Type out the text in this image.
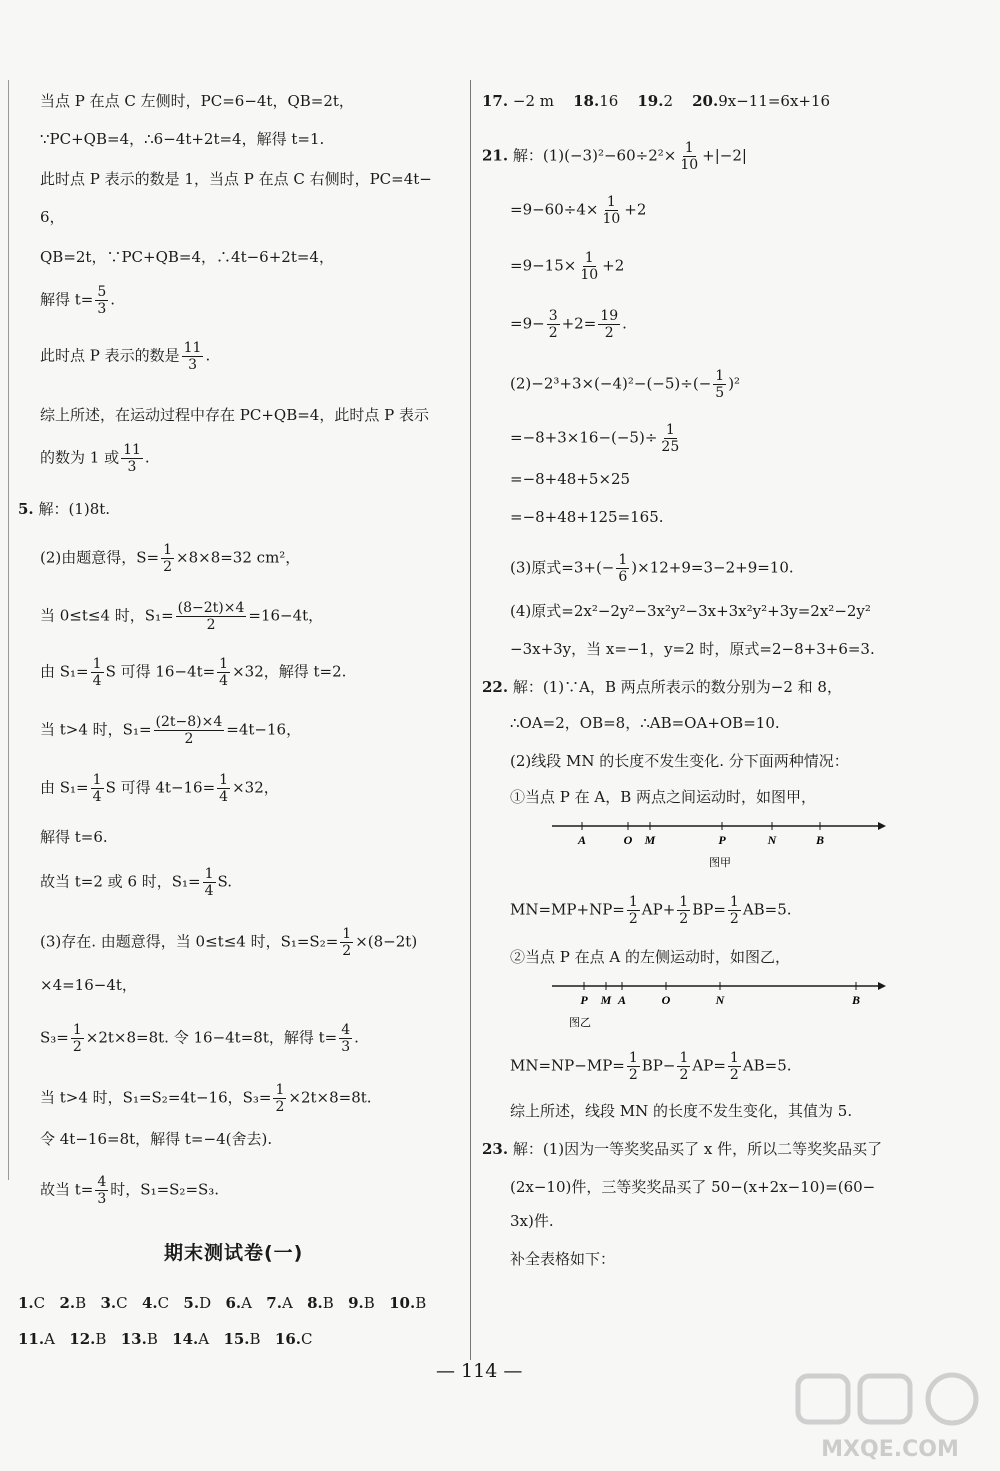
当点 P 在点 C 左侧时，PC=6−4t，QB=2t，
∵PC+QB=4，∴6−4t+2t=4，解得 t=1.
此时点 P 表示的数是 1，当点 P 在点 C 右侧时，PC=4t−
6，
QB=2t，∵PC+QB=4，∴4t−6+2t=4，
解得 $t= \frac{5}{3}$ .
此时点 P 表示的数是 $\frac{11}{3}$ .
综上所述，在运动过程中存在 PC+QB=4，此时点 P 表示
的数为 1 或 $\frac{11}{3}$ .
5. 解：(1)8t.
(2)由题意得，$S= \frac{1}{2} \times 8\times 8=32$ cm²，
当 0≤t≤4 时，$S_1= \frac{(8-2t)\times 4}{2} =16-4t$，
由 $S_1= \frac{1}{4}$ S 可得 $16-4t= \frac{1}{4} \times 32$，解得 t=2.
当 t>4 时，$S_1= \frac{(2t-8)\times 4}{2} =4t-16$，
由 $S_1= \frac{1}{4}$ S 可得 $4t-16= \frac{1}{4} \times 32$，
解得 t=6.
故当 t=2 或 6 时，$S_1= \frac{1}{4} S$.
(3)存在. 由题意得，当 0≤t≤4 时，$S_1=S_2= \frac{1}{2} \times(8-2t)$
×4=16−4t，
$S_3= \frac{1}{2} \times 2t\times 8=8t$. 令 16−4t=8t，解得 $t= \frac{4}{3}$ .
当 t>4 时，S₁=S₂=4t−16，$S_3= \frac{1}{2} \times 2t\times 8=8t$.
令 4t−16=8t，解得 t=−4(舍去).
故当 $t= \frac{4}{3}$ 时，S₁=S₂=S₃.
期末测试卷(一)
1.C 2.B 3.C 4.C 5.D 6.A 7.A 8.B 9.B 10.B
11.A 12.B 13.B 14.A 15.B 16.C
17. −2 m 18.16 19.2 20.9x−11=6x+16
21. 解：$(1)(-3)^2-60\div 2^2\times \frac{1}{10} +|-2|$
$=9-60\div 4\times \frac{1}{10} +2$
$=9-15\times \frac{1}{10} +2$
$=9- \frac{3}{2} +2= \frac{19}{2}$ .
$(2)-2^3+3\times(-4)^2-(-5)\div(- \frac{1}{5} )^2$
$=-8+3\times 16-(-5)\div \frac{1}{25}$
=−8+48+5×25
=−8+48+125=165.
(3)原式$=3+(- \frac{1}{6} )\times 12+9=3-2+9=10$.
(4)原式=2x²−2y²−3x²y²−3x+3x²y²+3y=2x²−2y²
−3x+3y，当 x=−1，y=2 时，原式=2−8+3+6=3.
22. 解：(1)∵A，B 两点所表示的数分别为−2 和 8，
∴OA=2，OB=8，∴AB=OA+OB=10.
(2)线段 MN 的长度不发生变化. 分下面两种情况：
①当点 P 在 A，B 两点之间运动时，如图甲，
A	O M	P	N	B
图甲
$MN=MP+NP= \frac{1}{2} AP+ \frac{1}{2} BP= \frac{1}{2} AB=5$.
②当点 P 在点 A 的左侧运动时，如图乙，
P M A	O	N	B
图乙
$MN=NP-MP= \frac{1}{2} BP- \frac{1}{2} AP= \frac{1}{2} AB=5$.
综上所述，线段 MN 的长度不发生变化，其值为 5.
23. 解：(1)因为一等奖奖品买了 x 件，所以二等奖奖品买了
(2x−10)件，三等奖奖品买了 50−(x+2x−10)=(60−
3x)件.
补全表格如下：
— 114 —
MXQE.COM
